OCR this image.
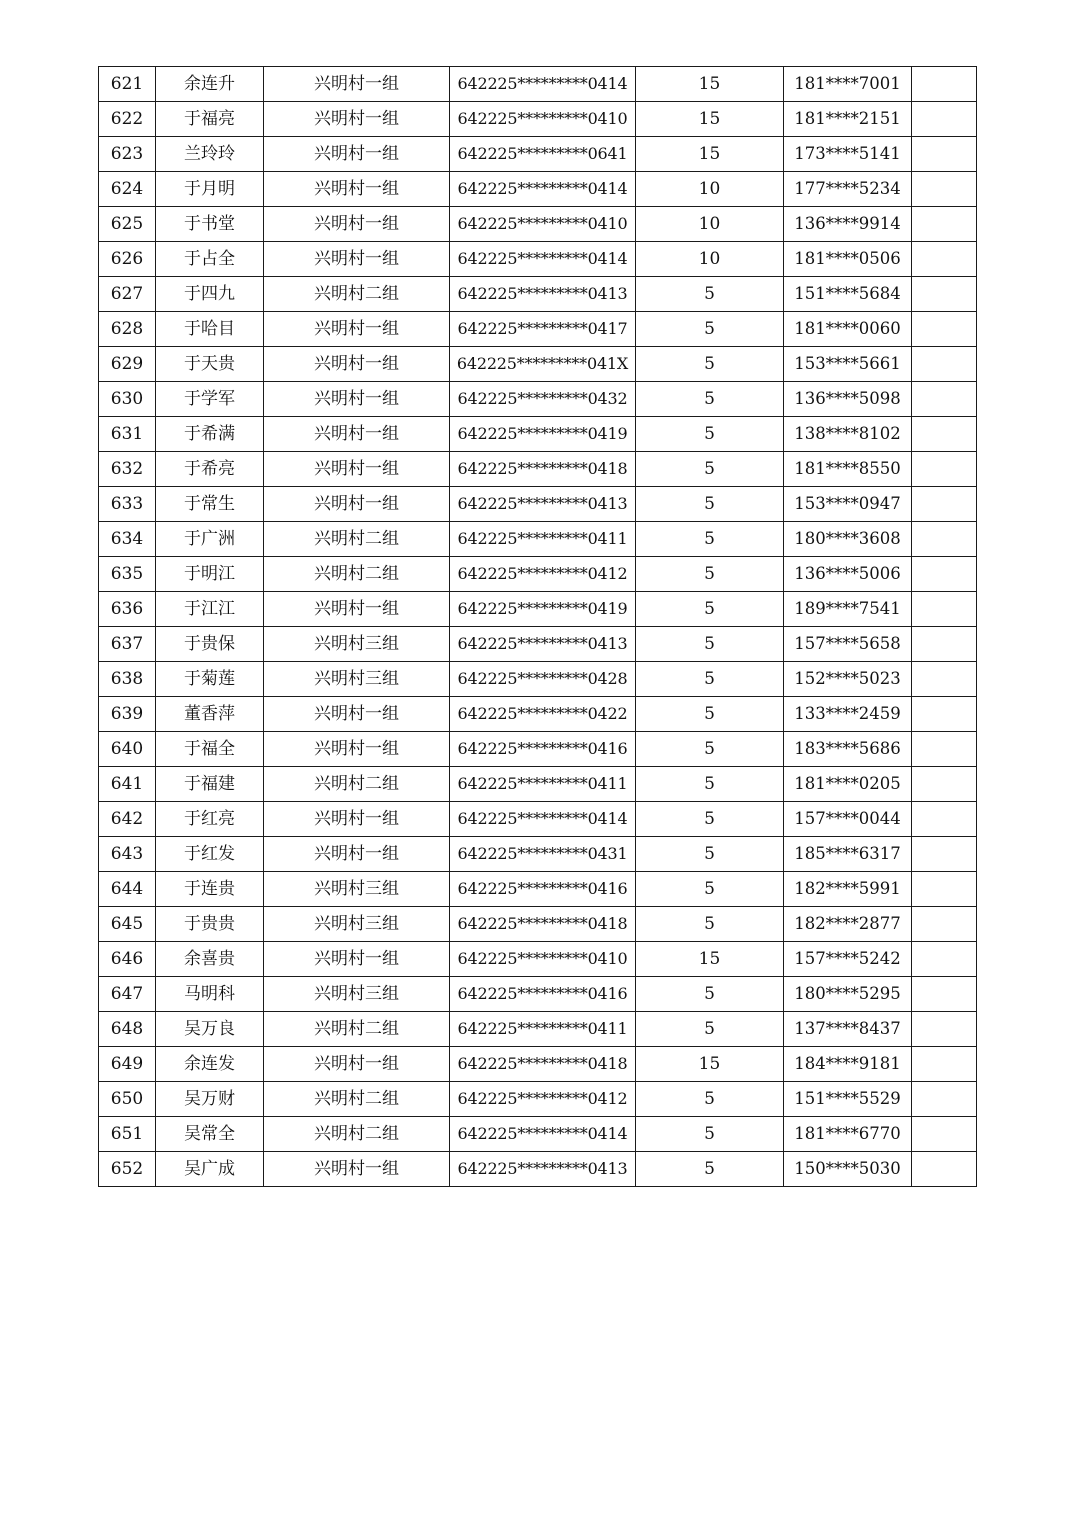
621	余连升	兴明村一组	642225*********0414	15	181****7001	
622	于福亮	兴明村一组	642225*********0410	15	181****2151	
623	兰玲玲	兴明村一组	642225*********0641	15	173****5141	
624	于月明	兴明村一组	642225*********0414	10	177****5234	
625	于书堂	兴明村一组	642225*********0410	10	136****9914	
626	于占全	兴明村一组	642225*********0414	10	181****0506	
627	于四九	兴明村二组	642225*********0413	5	151****5684	
628	于哈目	兴明村一组	642225*********0417	5	181****0060	
629	于天贵	兴明村一组	642225*********041X	5	153****5661	
630	于学军	兴明村一组	642225*********0432	5	136****5098	
631	于希满	兴明村一组	642225*********0419	5	138****8102	
632	于希亮	兴明村一组	642225*********0418	5	181****8550	
633	于常生	兴明村一组	642225*********0413	5	153****0947	
634	于广洲	兴明村二组	642225*********0411	5	180****3608	
635	于明江	兴明村二组	642225*********0412	5	136****5006	
636	于江江	兴明村一组	642225*********0419	5	189****7541	
637	于贵保	兴明村三组	642225*********0413	5	157****5658	
638	于菊莲	兴明村三组	642225*********0428	5	152****5023	
639	董香萍	兴明村一组	642225*********0422	5	133****2459	
640	于福全	兴明村一组	642225*********0416	5	183****5686	
641	于福建	兴明村二组	642225*********0411	5	181****0205	
642	于红亮	兴明村一组	642225*********0414	5	157****0044	
643	于红发	兴明村一组	642225*********0431	5	185****6317	
644	于连贵	兴明村三组	642225*********0416	5	182****5991	
645	于贵贵	兴明村三组	642225*********0418	5	182****2877	
646	余喜贵	兴明村一组	642225*********0410	15	157****5242	
647	马明科	兴明村三组	642225*********0416	5	180****5295	
648	吴万良	兴明村二组	642225*********0411	5	137****8437	
649	余连发	兴明村一组	642225*********0418	15	184****9181	
650	吴万财	兴明村二组	642225*********0412	5	151****5529	
651	吴常全	兴明村二组	642225*********0414	5	181****6770	
652	吴广成	兴明村一组	642225*********0413	5	150****5030	
